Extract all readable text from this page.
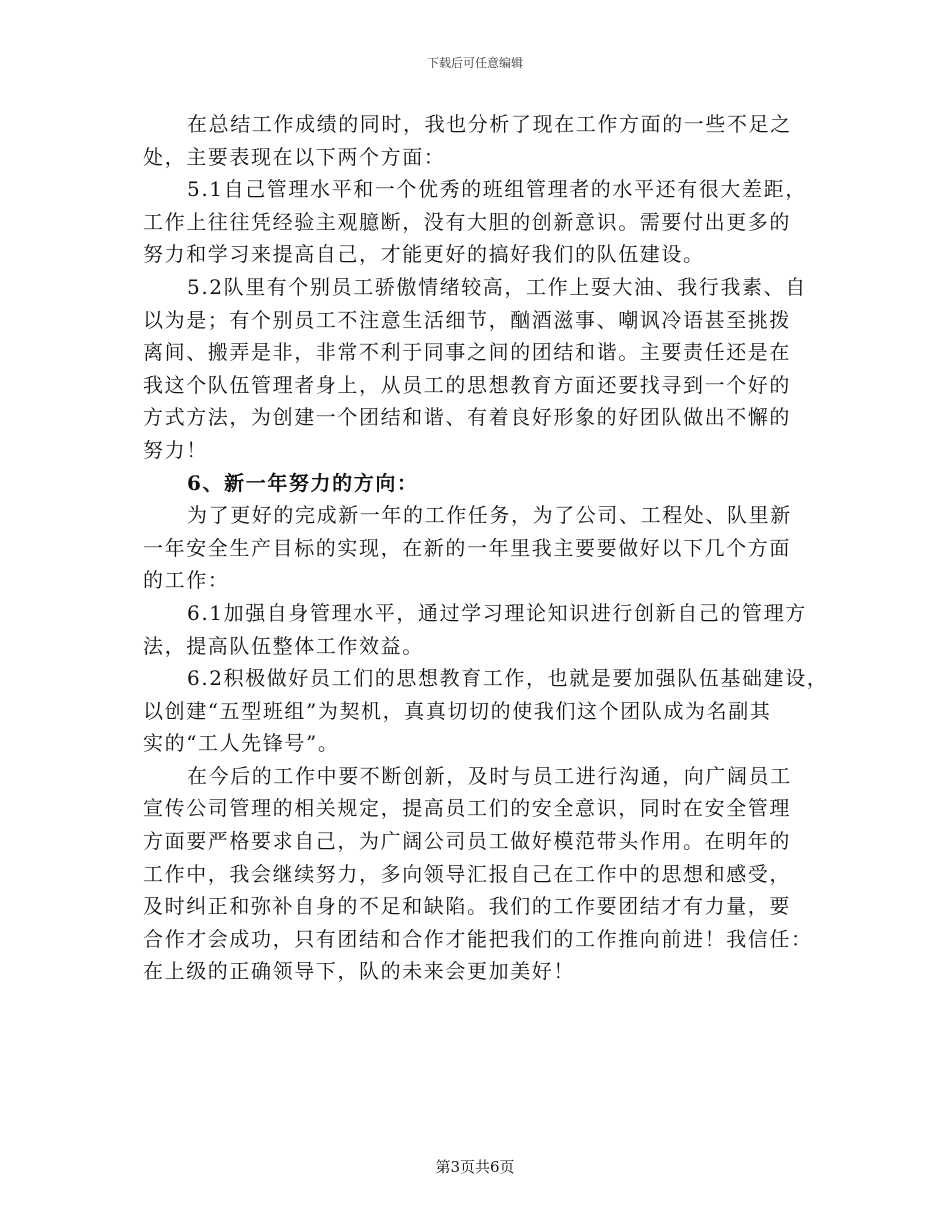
下载后可任意编辑
在总结工作成绩的同时，我也分析了现在工作方面的一些不足之
处，主要表现在以下两个方面：
5.1自己管理水平和一个优秀的班组管理者的水平还有很大差距，
工作上往往凭经验主观臆断，没有大胆的创新意识。需要付出更多的
努力和学习来提高自己，才能更好的搞好我们的队伍建设。
5.2队里有个别员工骄傲情绪较高，工作上耍大油、我行我素、自
以为是；有个别员工不注意生活细节，酗酒滋事、嘲讽冷语甚至挑拨
离间、搬弄是非，非常不利于同事之间的团结和谐。主要责任还是在
我这个队伍管理者身上，从员工的思想教育方面还要找寻到一个好的
方式方法，为创建一个团结和谐、有着良好形象的好团队做出不懈的
努力！
6、新一年努力的方向：
为了更好的完成新一年的工作任务，为了公司、工程处、队里新
一年安全生产目标的实现，在新的一年里我主要要做好以下几个方面
的工作：
6.1加强自身管理水平，通过学习理论知识进行创新自己的管理方
法，提高队伍整体工作效益。
6.2积极做好员工们的思想教育工作，也就是要加强队伍基础建设，
以创建“五型班组”为契机，真真切切的使我们这个团队成为名副其
实的“工人先锋号”。
在今后的工作中要不断创新，及时与员工进行沟通，向广阔员工
宣传公司管理的相关规定，提高员工们的安全意识，同时在安全管理
方面要严格要求自己，为广阔公司员工做好模范带头作用。在明年的
工作中，我会继续努力，多向领导汇报自己在工作中的思想和感受，
及时纠正和弥补自身的不足和缺陷。我们的工作要团结才有力量，要
合作才会成功，只有团结和合作才能把我们的工作推向前进！我信任：
在上级的正确领导下，队的未来会更加美好！
第3页共6页
